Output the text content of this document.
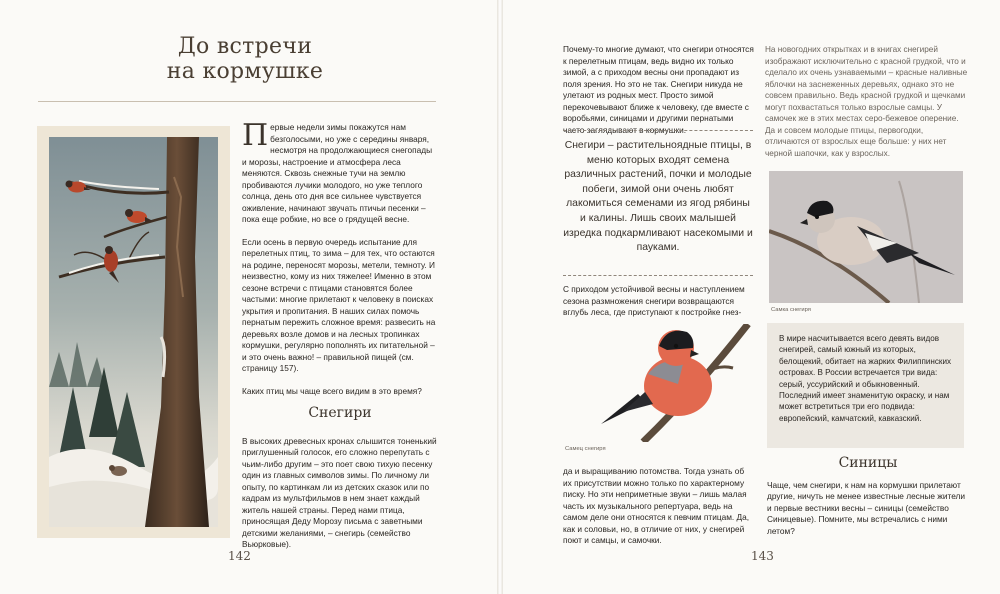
До встречи
на кормушке

Первые недели зимы покажутся нам безголосыми, но уже с середины января, несмотря на продолжающиеся снегопады и морозы, настроение и атмосфера леса меняются. Сквозь снежные тучи на землю пробиваются лучики молодого, но уже теплого солнца, день ото дня все сильнее чувствуется оживление, начинают звучать птичьи песенки – пока еще робкие, но все о грядущей весне.

Если осень в первую очередь испытание для перелетных птиц, то зима – для тех, что остаются на родине, переносят морозы, метели, темноту. И неизвестно, кому из них тяжелее! Именно в этом сезоне встречи с птицами становятся более частыми: многие прилетают к человеку в поисках укрытия и пропитания. В наших силах помочь пернатым пережить сложное время: развесить на деревьях возле домов и на лесных тропинках кормушки, регулярно пополнять их питательной – и это очень важно! – правильной пищей (см. страницу 157).

Каких птиц мы чаще всего видим в это время?

Снегири

В высоких древесных кронах слышится тоненький приглушенный голосок, его сложно перепутать с чьим-либо другим – это поет свою тихую песенку один из главных символов зимы. По личному ли опыту, по картинкам ли из детских сказок или по кадрам из мультфильмов в нем знает каждый житель нашей страны. Перед нами птица, приносящая Деду Морозу письма с заветными детскими желаниями, – снегирь (семейство Вьюрковые).

142

Почему-то многие думают, что снегири относятся к перелетным птицам, ведь видно их только зимой, а с приходом весны они пропадают из поля зрения. Но это не так. Снегири никуда не улетают из родных мест. Просто зимой перекочевывают ближе к человеку, где вместе с воробьями, синицами и другими пернатыми часто заглядывают в кормушки.

Снегири – растительноядные птицы, в меню которых входят семена различных растений, почки и молодые побеги, зимой они очень любят лакомиться семенами из ягод рябины и калины. Лишь своих малышей изредка подкармливают насекомыми и пауками.

С приходом устойчивой весны и наступлением сезона размножения снегири возвращаются вглубь леса, где приступают к постройке гнез-

Самец снегиря

да и выращиванию потомства. Тогда узнать об их присутствии можно только по характерному писку. Но эти неприметные звуки – лишь малая часть их музыкального репертуара, ведь на самом деле они относятся к певчим птицам. Да, как и соловьи, но, в отличие от них, у снегирей поют и самцы, и самочки.

На новогодних открытках и в книгах снегирей изображают исключительно с красной грудкой, что и сделало их очень узнаваемыми – красные наливные яблочки на заснеженных деревьях, однако это не совсем правильно. Ведь красной грудкой и щечками могут похвастаться только взрослые самцы. У самочек же в этих местах серо-бежевое оперение. Да и совсем молодые птицы, первогодки, отличаются от взрослых еще больше: у них нет черной шапочки, как у взрослых.

Самка снегиря

В мире насчитывается всего девять видов снегирей, самый южный из которых, белощекий, обитает на жарких Филиппинских островах. В России встречается три вида: серый, уссурийский и обыкновенный. Последний имеет знаменитую окраску, и нам может встретиться три его подвида: европейский, камчатский, кавказский.

Синицы

Чаще, чем снегири, к нам на кормушки прилетают другие, ничуть не менее известные лесные жители и первые вестники весны – синицы (семейство Синицевые). Помните, мы встречались с ними летом?

143
